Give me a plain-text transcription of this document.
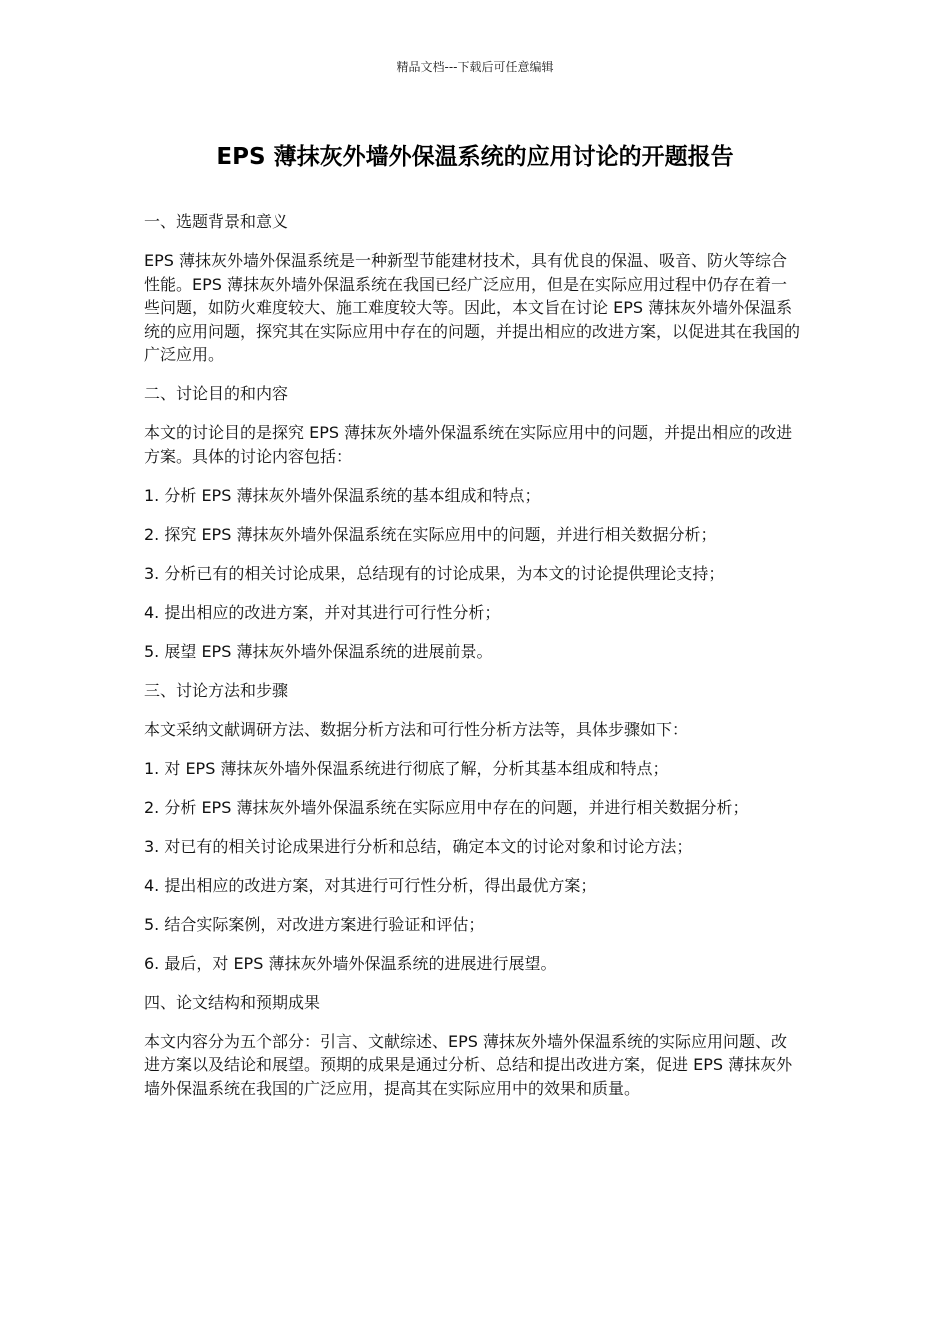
精品文档---下载后可任意编辑
EPS 薄抹灰外墙外保温系统的应用讨论的开题报告

一、选题背景和意义

EPS 薄抹灰外墙外保温系统是一种新型节能建材技术，具有优良的保温、吸音、防火等综合性能。EPS 薄抹灰外墙外保温系统在我国已经广泛应用，但是在实际应用过程中仍存在着一些问题，如防火难度较大、施工难度较大等。因此，本文旨在讨论 EPS 薄抹灰外墙外保温系统的应用问题，探究其在实际应用中存在的问题，并提出相应的改进方案，以促进其在我国的广泛应用。

二、讨论目的和内容

本文的讨论目的是探究 EPS 薄抹灰外墙外保温系统在实际应用中的问题，并提出相应的改进方案。具体的讨论内容包括：

1. 分析 EPS 薄抹灰外墙外保温系统的基本组成和特点；

2. 探究 EPS 薄抹灰外墙外保温系统在实际应用中的问题，并进行相关数据分析；

3. 分析已有的相关讨论成果，总结现有的讨论成果，为本文的讨论提供理论支持；

4. 提出相应的改进方案，并对其进行可行性分析；

5. 展望 EPS 薄抹灰外墙外保温系统的进展前景。

三、讨论方法和步骤

本文采纳文献调研方法、数据分析方法和可行性分析方法等，具体步骤如下：

1. 对 EPS 薄抹灰外墙外保温系统进行彻底了解，分析其基本组成和特点；

2. 分析 EPS 薄抹灰外墙外保温系统在实际应用中存在的问题，并进行相关数据分析；

3. 对已有的相关讨论成果进行分析和总结，确定本文的讨论对象和讨论方法；

4. 提出相应的改进方案，对其进行可行性分析，得出最优方案；

5. 结合实际案例，对改进方案进行验证和评估；

6. 最后，对 EPS 薄抹灰外墙外保温系统的进展进行展望。

四、论文结构和预期成果

本文内容分为五个部分：引言、文献综述、EPS 薄抹灰外墙外保温系统的实际应用问题、改进方案以及结论和展望。预期的成果是通过分析、总结和提出改进方案，促进 EPS 薄抹灰外墙外保温系统在我国的广泛应用，提高其在实际应用中的效果和质量。
